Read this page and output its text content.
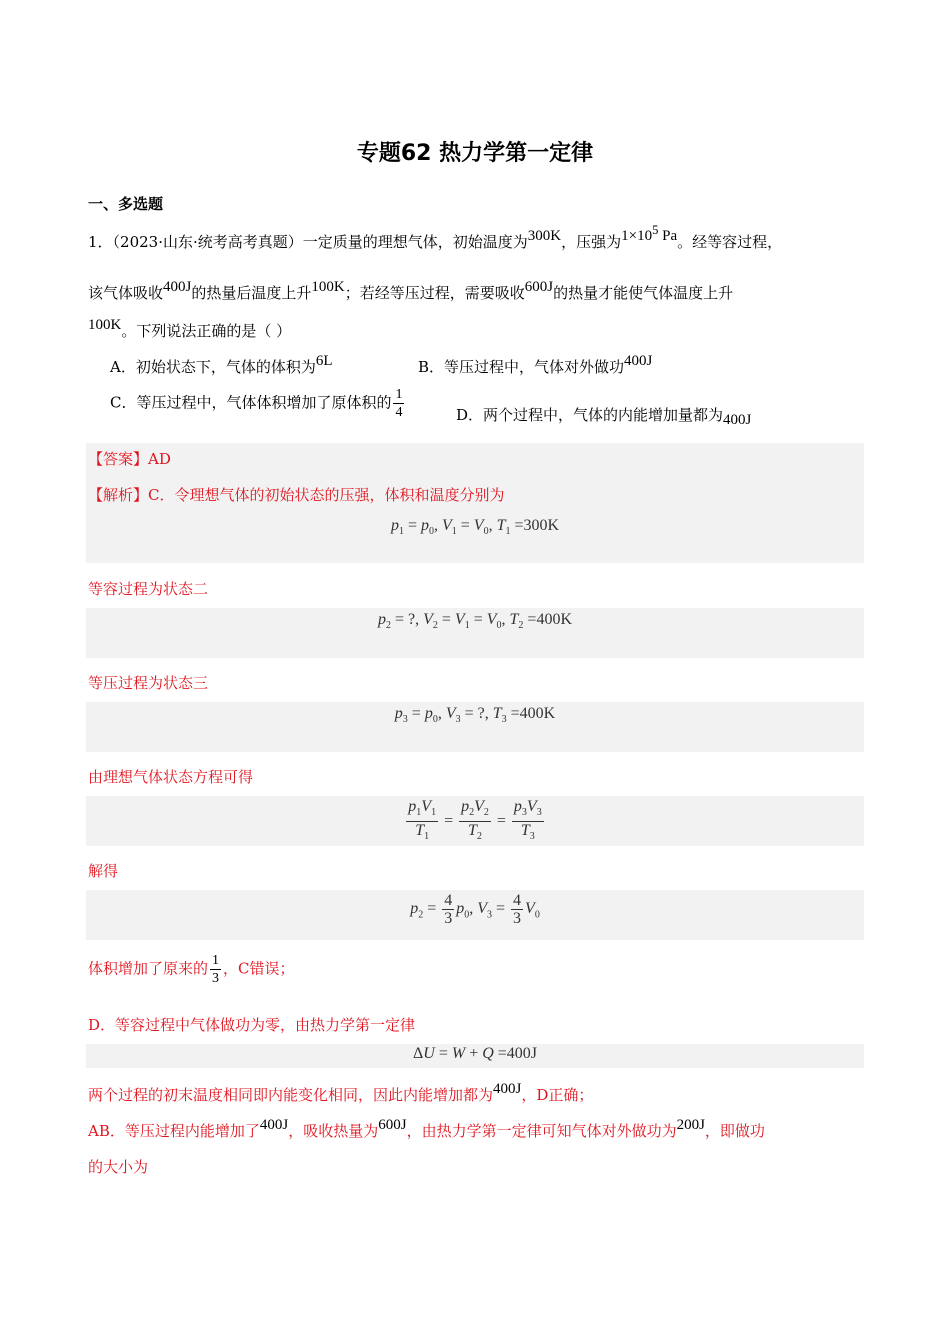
专题62 热力学第一定律
一、多选题
1．（2023·山东·统考高考真题）一定质量的理想气体，初始温度为300K，压强为$1\times 10^5$ Pa。经等容过程，
该气体吸收400J的热量后温度上升100K；若经等压过程，需要吸收600J的热量才能使气体温度上升
100K。下列说法正确的是（ ）
A．初始状态下，气体的体积为6L	B．等压过程中，气体对外做功400J
C．等压过程中，气体体积增加了原体积的 $\frac{1}{4}$	D．两个过程中，气体的内能增加量都为400J
【答案】AD
【解析】C．令理想气体的初始状态的压强，体积和温度分别为
$p_1 = p_0$, $V_1 = V_0$, $T_1 =300K$
等容过程为状态二
$p_2$ = ?, $V_2 = V_1 = V_0$, $T_2 =400K$
等压过程为状态三
$p_3 = p_0$, $V_3$ = ?, $T_3 =400K$
由理想气体状态方程可得
$\frac{p_1V_1}{T_1} = \frac{p_2V_2}{T_2} = \frac{p_3V_3}{T_3}$
解得
$p_2 = \frac{4}{3} p_0$, $V_3 = \frac{4}{3} V_0$
体积增加了原来的 $\frac{1}{3}$ ，C错误；
D．等容过程中气体做功为零，由热力学第一定律
ΔU = W + Q =400J
两个过程的初末温度相同即内能变化相同，因此内能增加都为400J，D正确；
AB．等压过程内能增加了400J，吸收热量为600J，由热力学第一定律可知气体对外做功为200J，即做功
的大小为
